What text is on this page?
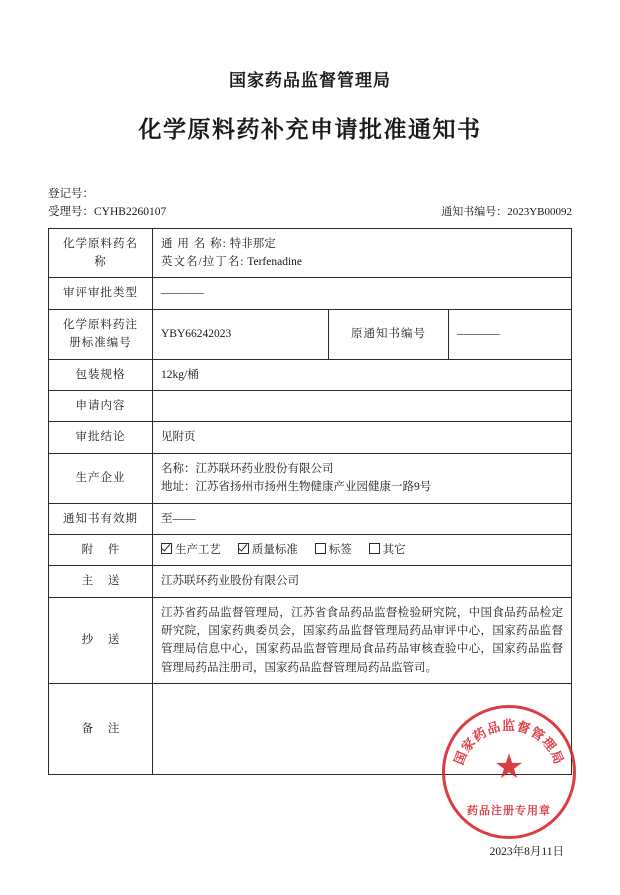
国家药品监督管理局
化学原料药补充申请批准通知书
登记号：
受理号：CYHB2260107	通知书编号：2023YB00092
化学原料药名称	通 用 名 称: 特非那定
英文名/拉丁名: Terfenadine		

审评审批类型	————		
化学原料药注册标准编号	YBY66242023	原通知书编号	————
包装规格	12kg/桶		
申请内容			
审批结论	见附页		
生产企业	名称：江苏联环药业股份有限公司
地址：江苏省扬州市扬州生物健康产业园健康一路9号		

通知书有效期	至——		
附 件	生产工艺 质量标准 标签 其它		
主 送	江苏联环药业股份有限公司		
抄 送	江苏省药品监督管理局，江苏省食品药品监督检验研究院，中国食品药品检定研究院，国家药典委员会，国家药品监督管理局药品审评中心，国家药品监督管理局信息中心，国家药品监督管理局食品药品审核查验中心，国家药品监督管理局药品注册司，国家药品监督管理局药品监管司。		
备 注			
国家药品监督管理局
★
药品注册专用章
2023年8月11日
